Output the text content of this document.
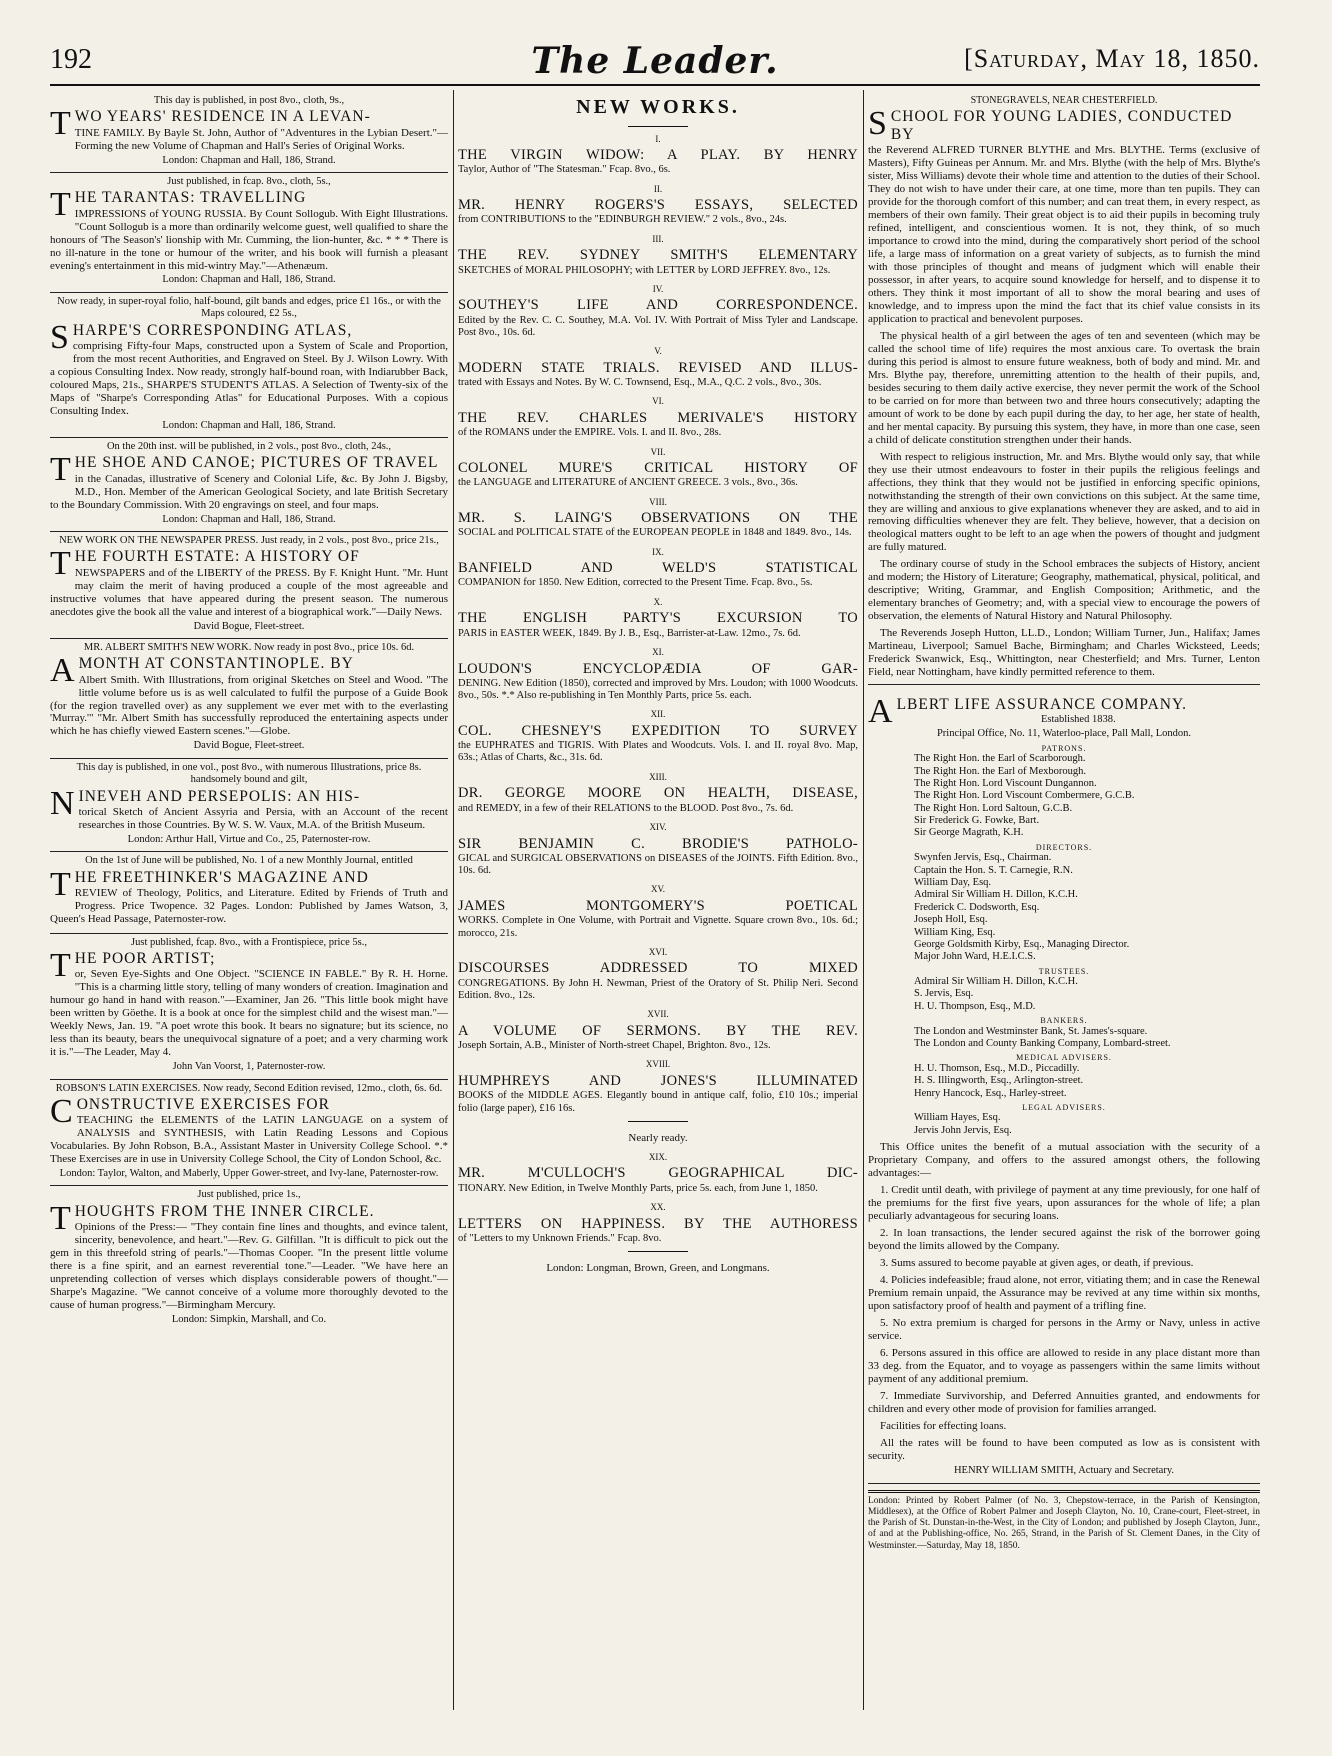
192	The Leader.	[Saturday, May 18, 1850.
This day is published, in post 8vo., cloth, 9s.,
TWO YEARS' RESIDENCE IN A LEVAN-
TINE FAMILY. By Bayle St. John, Author of "Adventures in the Lybian Desert."—Forming the new Volume of Chapman and Hall's Series of Original Works.
London: Chapman and Hall, 186, Strand.
Just published, in fcap. 8vo., cloth, 5s.,
THE TARANTAS: TRAVELLING
IMPRESSIONS of YOUNG RUSSIA. By Count Sollogub. With Eight Illustrations. "Count Sollogub is a more than ordinarily welcome guest, well qualified to share the honours of 'The Season's' lionship with Mr. Cumming, the lion-hunter, &c. * * * There is no ill-nature in the tone or humour of the writer, and his book will furnish a pleasant evening's entertainment in this mid-wintry May."—Athenæum.
London: Chapman and Hall, 186, Strand.
Now ready, in super-royal folio, half-bound, gilt bands and edges, price £1 16s., or with the Maps coloured, £2 5s.,
SHARPE'S CORRESPONDING ATLAS,
comprising Fifty-four Maps, constructed upon a System of Scale and Proportion, from the most recent Authorities, and Engraved on Steel. By J. Wilson Lowry. With a copious Consulting Index. Now ready, strongly half-bound roan, with Indiarubber Back, coloured Maps, 21s., SHARPE'S STUDENT'S ATLAS. A Selection of Twenty-six of the Maps of "Sharpe's Corresponding Atlas" for Educational Purposes. With a copious Consulting Index.
London: Chapman and Hall, 186, Strand.
On the 20th inst. will be published, in 2 vols., post 8vo., cloth, 24s.,
THE SHOE AND CANOE; PICTURES OF TRAVEL
in the Canadas, illustrative of Scenery and Colonial Life, &c. By John J. Bigsby, M.D., Hon. Member of the American Geological Society, and late British Secretary to the Boundary Commission. With 20 engravings on steel, and four maps.
London: Chapman and Hall, 186, Strand.
NEW WORK ON THE NEWSPAPER PRESS. Just ready, in 2 vols., post 8vo., price 21s.,
THE FOURTH ESTATE: A HISTORY OF
NEWSPAPERS and of the LIBERTY of the PRESS. By F. Knight Hunt. "Mr. Hunt may claim the merit of having produced a couple of the most agreeable and instructive volumes that have appeared during the present season. The numerous anecdotes give the book all the value and interest of a biographical work."—Daily News.
David Bogue, Fleet-street.
MR. ALBERT SMITH'S NEW WORK. Now ready in post 8vo., price 10s. 6d.
AMONTH AT CONSTANTINOPLE. BY
Albert Smith. With Illustrations, from original Sketches on Steel and Wood. "The little volume before us is as well calculated to fulfil the purpose of a Guide Book (for the region travelled over) as any supplement we ever met with to the everlasting 'Murray.'" "Mr. Albert Smith has successfully reproduced the entertaining aspects under which he has chiefly viewed Eastern scenes."—Globe.
David Bogue, Fleet-street.
This day is published, in one vol., post 8vo., with numerous Illustrations, price 8s. handsomely bound and gilt,
NINEVEH AND PERSEPOLIS: AN HIS-
torical Sketch of Ancient Assyria and Persia, with an Account of the recent researches in those Countries. By W. S. W. Vaux, M.A. of the British Museum.
London: Arthur Hall, Virtue and Co., 25, Paternoster-row.
On the 1st of June will be published, No. 1 of a new Monthly Journal, entitled
THE FREETHINKER'S MAGAZINE AND
REVIEW of Theology, Politics, and Literature. Edited by Friends of Truth and Progress. Price Twopence. 32 Pages. London: Published by James Watson, 3, Queen's Head Passage, Paternoster-row.
Just published, fcap. 8vo., with a Frontispiece, price 5s.,
THE POOR ARTIST;
or, Seven Eye-Sights and One Object. "SCIENCE IN FABLE." By R. H. Horne. "This is a charming little story, telling of many wonders of creation. Imagination and humour go hand in hand with reason."—Examiner, Jan 26. "This little book might have been written by Göethe. It is a book at once for the simplest child and the wisest man."—Weekly News, Jan. 19. "A poet wrote this book. It bears no signature; but its science, no less than its beauty, bears the unequivocal signature of a poet; and a very charming work it is."—The Leader, May 4.
John Van Voorst, 1, Paternoster-row.
ROBSON'S LATIN EXERCISES. Now ready, Second Edition revised, 12mo., cloth, 6s. 6d.
CONSTRUCTIVE EXERCISES FOR
TEACHING the ELEMENTS of the LATIN LANGUAGE on a system of ANALYSIS and SYNTHESIS, with Latin Reading Lessons and Copious Vocabularies. By John Robson, B.A., Assistant Master in University College School. *.* These Exercises are in use in University College School, the City of London School, &c.
London: Taylor, Walton, and Maberly, Upper Gower-street, and Ivy-lane, Paternoster-row.
Just published, price 1s.,
THOUGHTS FROM THE INNER CIRCLE.
Opinions of the Press:— "They contain fine lines and thoughts, and evince talent, sincerity, benevolence, and heart."—Rev. G. Gilfillan. "It is difficult to pick out the gem in this threefold string of pearls."—Thomas Cooper. "In the present little volume there is a fine spirit, and an earnest reverential tone."—Leader. "We have here an unpretending collection of verses which displays considerable powers of thought."—Sharpe's Magazine. "We cannot conceive of a volume more thoroughly devoted to the cause of human progress."—Birmingham Mercury.
London: Simpkin, Marshall, and Co.
NEW WORKS.
I.
THE VIRGIN WIDOW: A PLAY. BY HENRY
Taylor, Author of "The Statesman." Fcap. 8vo., 6s.
II.
MR. HENRY ROGERS'S ESSAYS, SELECTED
from CONTRIBUTIONS to the "EDINBURGH REVIEW." 2 vols., 8vo., 24s.
III.
THE REV. SYDNEY SMITH'S ELEMENTARY
SKETCHES of MORAL PHILOSOPHY; with LETTER by LORD JEFFREY. 8vo., 12s.
IV.
SOUTHEY'S LIFE AND CORRESPONDENCE.
Edited by the Rev. C. C. Southey, M.A. Vol. IV. With Portrait of Miss Tyler and Landscape. Post 8vo., 10s. 6d.
V.
MODERN STATE TRIALS. REVISED AND ILLUS-
trated with Essays and Notes. By W. C. Townsend, Esq., M.A., Q.C. 2 vols., 8vo., 30s.
VI.
THE REV. CHARLES MERIVALE'S HISTORY
of the ROMANS under the EMPIRE. Vols. I. and II. 8vo., 28s.
VII.
COLONEL MURE'S CRITICAL HISTORY OF
the LANGUAGE and LITERATURE of ANCIENT GREECE. 3 vols., 8vo., 36s.
VIII.
MR. S. LAING'S OBSERVATIONS ON THE
SOCIAL and POLITICAL STATE of the EUROPEAN PEOPLE in 1848 and 1849. 8vo., 14s.
IX.
BANFIELD AND WELD'S STATISTICAL
COMPANION for 1850. New Edition, corrected to the Present Time. Fcap. 8vo., 5s.
X.
THE ENGLISH PARTY'S EXCURSION TO
PARIS in EASTER WEEK, 1849. By J. B., Esq., Barrister-at-Law. 12mo., 7s. 6d.
XI.
LOUDON'S ENCYCLOPÆDIA OF GAR-
DENING. New Edition (1850), corrected and improved by Mrs. Loudon; with 1000 Woodcuts. 8vo., 50s. *.* Also re-publishing in Ten Monthly Parts, price 5s. each.
XII.
COL. CHESNEY'S EXPEDITION TO SURVEY
the EUPHRATES and TIGRIS. With Plates and Woodcuts. Vols. I. and II. royal 8vo. Map, 63s.; Atlas of Charts, &c., 31s. 6d.
XIII.
DR. GEORGE MOORE ON HEALTH, DISEASE,
and REMEDY, in a few of their RELATIONS to the BLOOD. Post 8vo., 7s. 6d.
XIV.
SIR BENJAMIN C. BRODIE'S PATHOLO-
GICAL and SURGICAL OBSERVATIONS on DISEASES of the JOINTS. Fifth Edition. 8vo., 10s. 6d.
XV.
JAMES MONTGOMERY'S POETICAL
WORKS. Complete in One Volume, with Portrait and Vignette. Square crown 8vo., 10s. 6d.; morocco, 21s.
XVI.
DISCOURSES ADDRESSED TO MIXED
CONGREGATIONS. By John H. Newman, Priest of the Oratory of St. Philip Neri. Second Edition. 8vo., 12s.
XVII.
A VOLUME OF SERMONS. BY THE REV.
Joseph Sortain, A.B., Minister of North-street Chapel, Brighton. 8vo., 12s.
XVIII.
HUMPHREYS AND JONES'S ILLUMINATED
BOOKS of the MIDDLE AGES. Elegantly bound in antique calf, folio, £10 10s.; imperial folio (large paper), £16 16s.
Nearly ready.
XIX.
MR. M'CULLOCH'S GEOGRAPHICAL DIC-
TIONARY. New Edition, in Twelve Monthly Parts, price 5s. each, from June 1, 1850.
XX.
LETTERS ON HAPPINESS. BY THE AUTHORESS
of "Letters to my Unknown Friends." Fcap. 8vo.
London: Longman, Brown, Green, and Longmans.
STONEGRAVELS, NEAR CHESTERFIELD.
SCHOOL FOR YOUNG LADIES, CONDUCTED BY
the Reverend ALFRED TURNER BLYTHE and Mrs. BLYTHE. Terms (exclusive of Masters), Fifty Guineas per Annum. Mr. and Mrs. Blythe (with the help of Mrs. Blythe's sister, Miss Williams) devote their whole time and attention to the duties of their School. They do not wish to have under their care, at one time, more than ten pupils. They can provide for the thorough comfort of this number; and can treat them, in every respect, as members of their own family. Their great object is to aid their pupils in becoming truly refined, intelligent, and conscientious women. It is not, they think, of so much importance to crowd into the mind, during the comparatively short period of the school life, a large mass of information on a great variety of subjects, as to furnish the mind with those principles of thought and means of judgment which will enable their possessor, in after years, to acquire sound knowledge for herself, and to dispense it to others. They think it most important of all to show the moral bearing and uses of knowledge, and to impress upon the mind the fact that its chief value consists in its application to practical and benevolent purposes.
The physical health of a girl between the ages of ten and seventeen (which may be called the school time of life) requires the most anxious care. To overtask the brain during this period is almost to ensure future weakness, both of body and mind. Mr. and Mrs. Blythe pay, therefore, unremitting attention to the health of their pupils, and, besides securing to them daily active exercise, they never permit the work of the School to be carried on for more than between two and three hours consecutively; adapting the amount of work to be done by each pupil during the day, to her age, her state of health, and her mental capacity. By pursuing this system, they have, in more than one case, seen a child of delicate constitution strengthen under their hands.
With respect to religious instruction, Mr. and Mrs. Blythe would only say, that while they use their utmost endeavours to foster in their pupils the religious feelings and affections, they think that they would not be justified in enforcing specific opinions, notwithstanding the strength of their own convictions on this subject. At the same time, they are willing and anxious to give explanations whenever they are asked, and to aid in removing difficulties whenever they are felt. They believe, however, that a decision on theological matters ought to be left to an age when the powers of thought and judgment are fully matured.
The ordinary course of study in the School embraces the subjects of History, ancient and modern; the History of Literature; Geography, mathematical, physical, political, and descriptive; Writing, Grammar, and English Composition; Arithmetic, and the elementary branches of Geometry; and, with a special view to encourage the powers of observation, the elements of Natural History and Natural Philosophy.
The Reverends Joseph Hutton, LL.D., London; William Turner, Jun., Halifax; James Martineau, Liverpool; Samuel Bache, Birmingham; and Charles Wicksteed, Leeds; Frederick Swanwick, Esq., Whittington, near Chesterfield; and Mrs. Turner, Lenton Field, near Nottingham, have kindly permitted reference to them.
ALBERT LIFE ASSURANCE COMPANY.
Established 1838.
Principal Office, No. 11, Waterloo-place, Pall Mall, London.
PATRONS.
The Right Hon. the Earl of Scarborough.
The Right Hon. the Earl of Mexborough.
The Right Hon. Lord Viscount Dungannon.
The Right Hon. Lord Viscount Combermere, G.C.B.
The Right Hon. Lord Saltoun, G.C.B.
Sir Frederick G. Fowke, Bart.
Sir George Magrath, K.H.
DIRECTORS.
Swynfen Jervis, Esq., Chairman.
Captain the Hon. S. T. Carnegie, R.N.
William Day, Esq.
Admiral Sir William H. Dillon, K.C.H.
Frederick C. Dodsworth, Esq.
Joseph Holl, Esq.
William King, Esq.
George Goldsmith Kirby, Esq., Managing Director.
Major John Ward, H.E.I.C.S.
TRUSTEES.
Admiral Sir William H. Dillon, K.C.H.
S. Jervis, Esq.
H. U. Thompson, Esq., M.D.
BANKERS.
The London and Westminster Bank, St. James's-square.
The London and County Banking Company, Lombard-street.
MEDICAL ADVISERS.
H. U. Thomson, Esq., M.D., Piccadilly.
H. S. Illingworth, Esq., Arlington-street.
Henry Hancock, Esq., Harley-street.
LEGAL ADVISERS.
William Hayes, Esq.
Jervis John Jervis, Esq.
This Office unites the benefit of a mutual association with the security of a Proprietary Company, and offers to the assured amongst others, the following advantages:—
1. Credit until death, with privilege of payment at any time previously, for one half of the premiums for the first five years, upon assurances for the whole of life; a plan peculiarly advantageous for securing loans.
2. In loan transactions, the lender secured against the risk of the borrower going beyond the limits allowed by the Company.
3. Sums assured to become payable at given ages, or death, if previous.
4. Policies indefeasible; fraud alone, not error, vitiating them; and in case the Renewal Premium remain unpaid, the Assurance may be revived at any time within six months, upon satisfactory proof of health and payment of a trifling fine.
5. No extra premium is charged for persons in the Army or Navy, unless in active service.
6. Persons assured in this office are allowed to reside in any place distant more than 33 deg. from the Equator, and to voyage as passengers within the same limits without payment of any additional premium.
7. Immediate Survivorship, and Deferred Annuities granted, and endowments for children and every other mode of provision for families arranged.
Facilities for effecting loans.
All the rates will be found to have been computed as low as is consistent with security.
HENRY WILLIAM SMITH, Actuary and Secretary.
London: Printed by Robert Palmer (of No. 3, Chepstow-terrace, in the Parish of Kensington, Middlesex), at the Office of Robert Palmer and Joseph Clayton, No. 10, Crane-court, Fleet-street, in the Parish of St. Dunstan-in-the-West, in the City of London; and published by Joseph Clayton, Junr., of and at the Publishing-office, No. 265, Strand, in the Parish of St. Clement Danes, in the City of Westminster.—Saturday, May 18, 1850.
